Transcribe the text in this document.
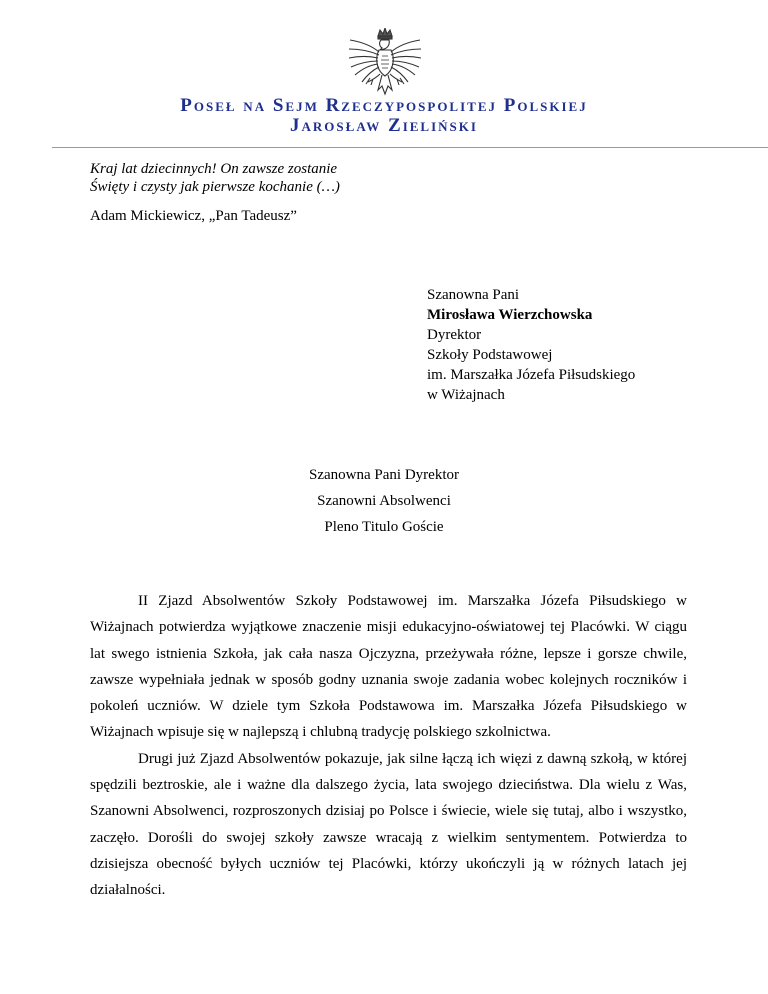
Poseł na Sejm Rzeczypospolitej Polskiej
Jarosław Zieliński
Kraj lat dziecinnych! On zawsze zostanie
Święty i czysty jak pierwsze kochanie (…)
Adam Mickiewicz, „Pan Tadeusz”
Szanowna Pani
Mirosława Wierzchowska
Dyrektor
Szkoły Podstawowej
im. Marszałka Józefa Piłsudskiego
w Wiżajnach
Szanowna Pani Dyrektor
Szanowni Absolwenci
Pleno Titulo Goście

II Zjazd Absolwentów Szkoły Podstawowej im. Marszałka Józefa Piłsudskiego w Wiżajnach potwierdza wyjątkowe znaczenie misji edukacyjno-oświatowej tej Placówki. W ciągu lat swego istnienia Szkoła, jak cała nasza Ojczyzna, przeżywała różne, lepsze i gorsze chwile, zawsze wypełniała jednak w sposób godny uznania swoje zadania wobec kolejnych roczników i pokoleń uczniów. W dziele tym Szkoła Podstawowa im. Marszałka Józefa Piłsudskiego w Wiżajnach wpisuje się w najlepszą i chlubną tradycję polskiego szkolnictwa.

Drugi już Zjazd Absolwentów pokazuje, jak silne łączą ich więzi z dawną szkołą, w której spędzili beztroskie, ale i ważne dla dalszego życia, lata swojego dzieciństwa. Dla wielu z Was, Szanowni Absolwenci, rozproszonych dzisiaj po Polsce i świecie, wiele się tutaj, albo i wszystko, zaczęło. Dorośli do swojej szkoły zawsze wracają z wielkim sentymentem. Potwierdza to dzisiejsza obecność byłych uczniów tej Placówki, którzy ukończyli ją w różnych latach jej działalności.
